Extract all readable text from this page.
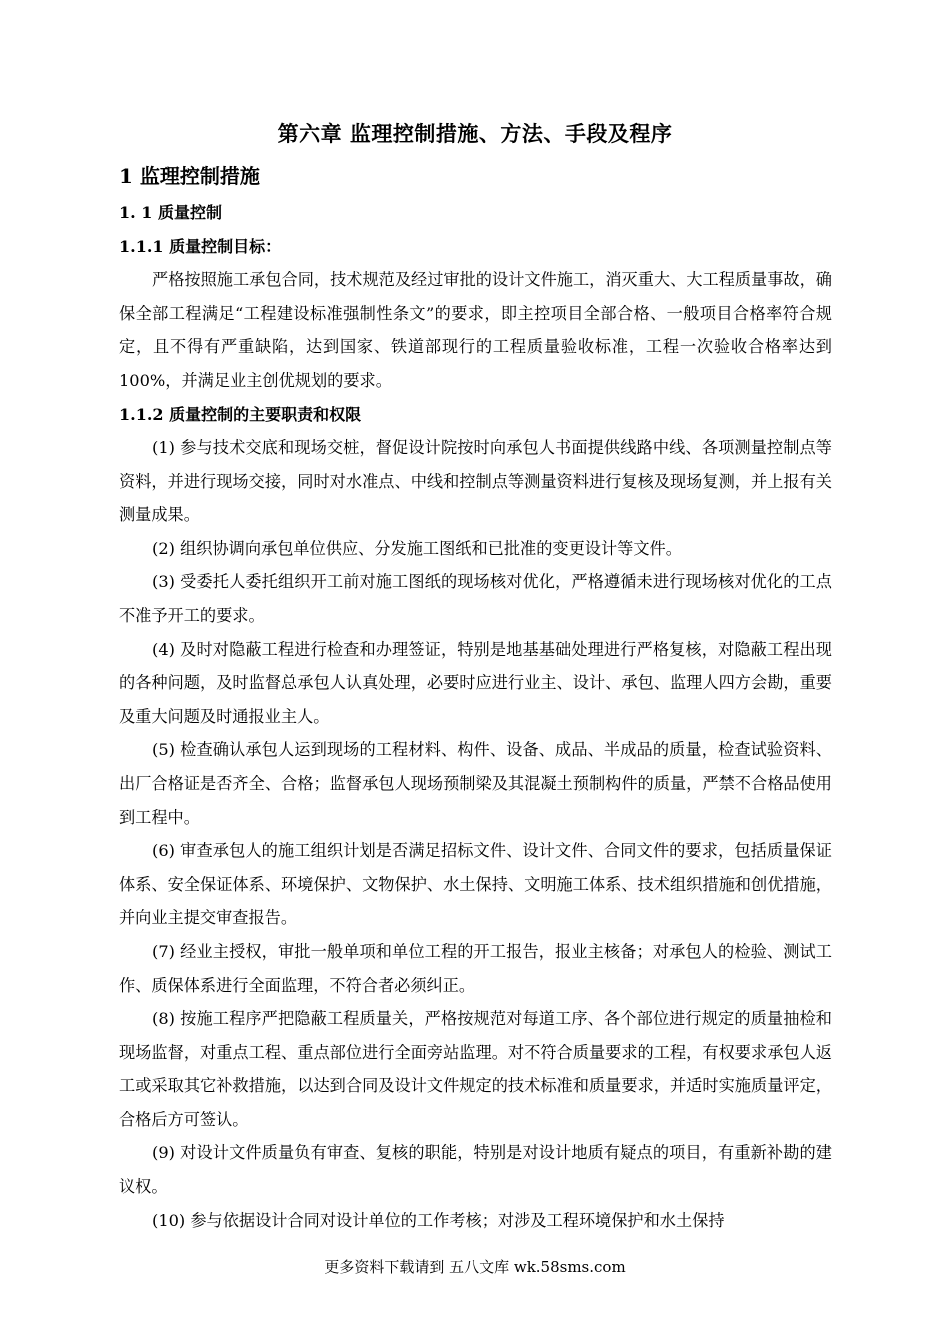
第六章 监理控制措施、方法、手段及程序
1 监理控制措施
1. 1 质量控制
1.1.1 质量控制目标：
严格按照施工承包合同，技术规范及经过审批的设计文件施工，消灭重大、大工程质量事故，确保全部工程满足“工程建设标准强制性条文”的要求，即主控项目全部合格、一般项目合格率符合规定，且不得有严重缺陷，达到国家、铁道部现行的工程质量验收标准，工程一次验收合格率达到100%，并满足业主创优规划的要求。
1.1.2 质量控制的主要职责和权限

(1) 参与技术交底和现场交桩，督促设计院按时向承包人书面提供线路中线、各项测量控制点等资料，并进行现场交接，同时对水准点、中线和控制点等测量资料进行复核及现场复测，并上报有关测量成果。

(2) 组织协调向承包单位供应、分发施工图纸和已批准的变更设计等文件。

(3) 受委托人委托组织开工前对施工图纸的现场核对优化，严格遵循未进行现场核对优化的工点不准予开工的要求。

(4) 及时对隐蔽工程进行检查和办理签证，特别是地基基础处理进行严格复核，对隐蔽工程出现的各种问题，及时监督总承包人认真处理，必要时应进行业主、设计、承包、监理人四方会勘，重要及重大问题及时通报业主人。

(5) 检查确认承包人运到现场的工程材料、构件、设备、成品、半成品的质量，检查试验资料、出厂合格证是否齐全、合格；监督承包人现场预制梁及其混凝土预制构件的质量，严禁不合格品使用到工程中。

(6) 审查承包人的施工组织计划是否满足招标文件、设计文件、合同文件的要求，包括质量保证体系、安全保证体系、环境保护、文物保护、水土保持、文明施工体系、技术组织措施和创优措施，并向业主提交审查报告。

(7) 经业主授权，审批一般单项和单位工程的开工报告，报业主核备；对承包人的检验、测试工作、质保体系进行全面监理，不符合者必须纠正。

(8) 按施工程序严把隐蔽工程质量关，严格按规范对每道工序、各个部位进行规定的质量抽检和现场监督，对重点工程、重点部位进行全面旁站监理。对不符合质量要求的工程，有权要求承包人返工或采取其它补救措施，以达到合同及设计文件规定的技术标准和质量要求，并适时实施质量评定，合格后方可签认。

(9) 对设计文件质量负有审查、复核的职能，特别是对设计地质有疑点的项目，有重新补勘的建议权。

(10) 参与依据设计合同对设计单位的工作考核；对涉及工程环境保护和水土保持

更多资料下载请到 五八文库 wk.58sms.com
